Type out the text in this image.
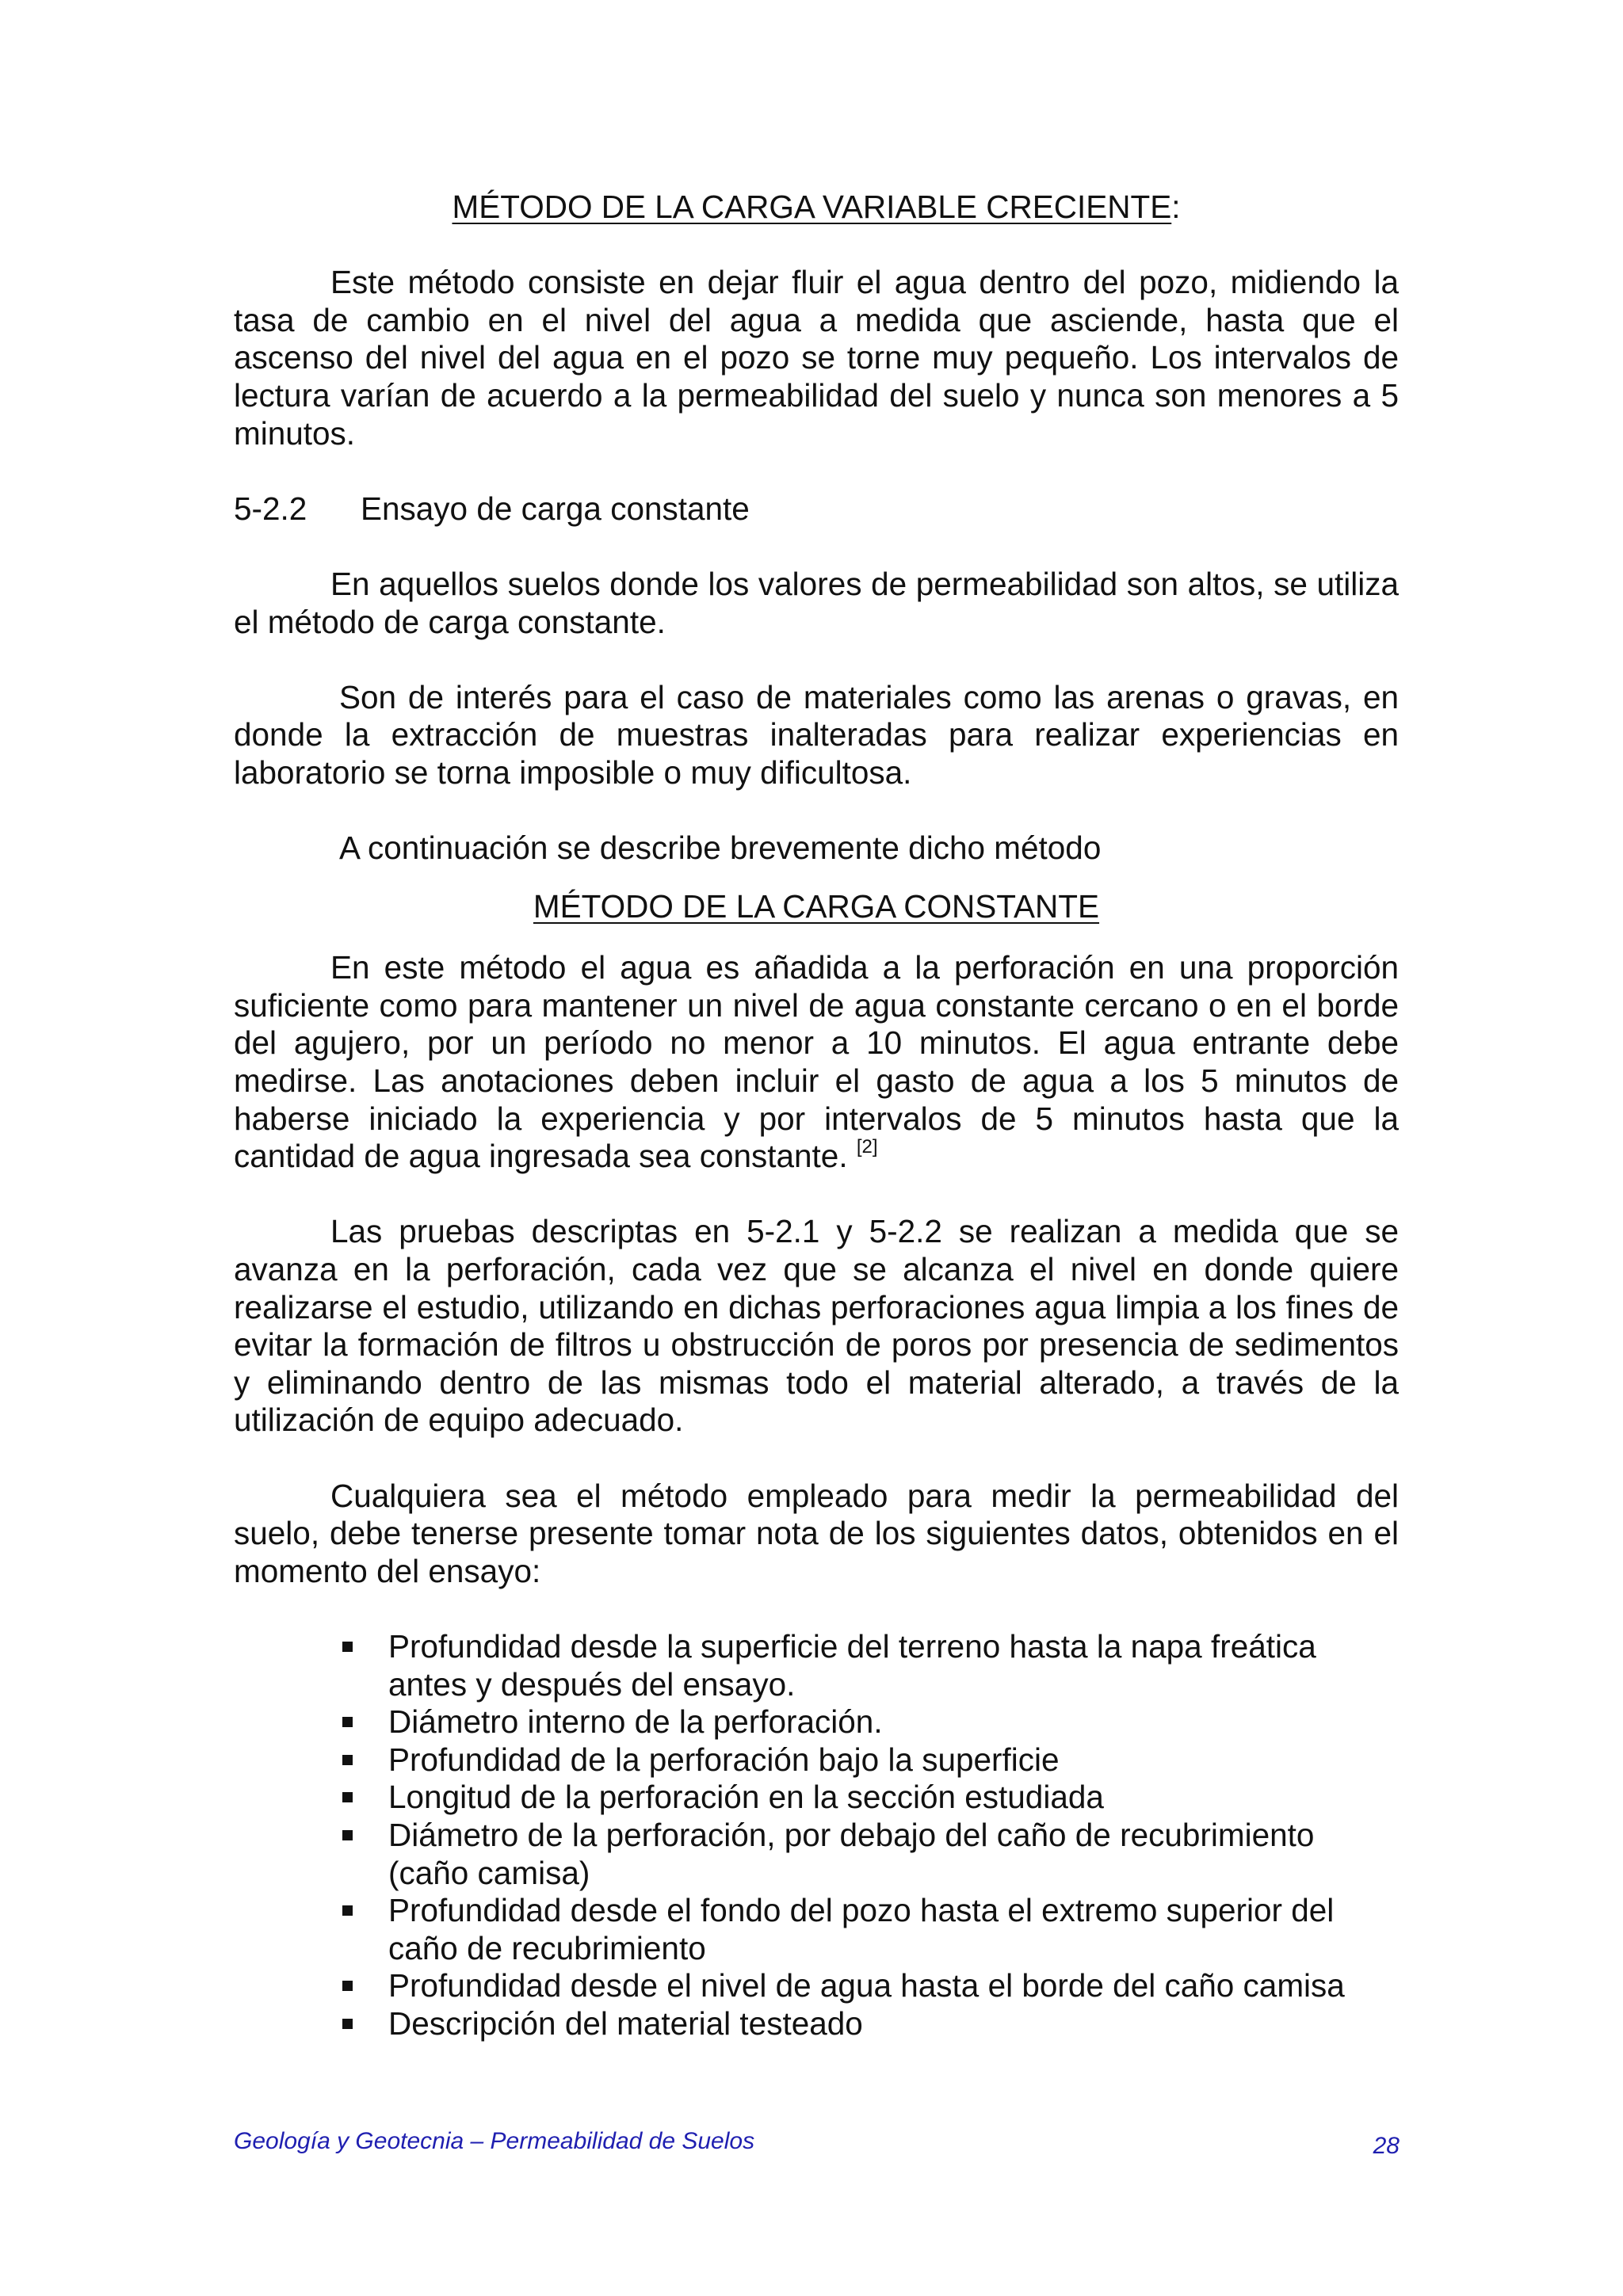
MÉTODO DE LA CARGA VARIABLE CRECIENTE:

Este método consiste en dejar fluir el agua dentro del pozo, midiendo la tasa de cambio en el nivel del agua a medida que asciende, hasta que el ascenso del nivel del agua en el pozo se torne muy pequeño. Los intervalos de lectura varían de acuerdo a la permeabilidad del suelo y nunca son menores a 5 minutos.

5-2.2	Ensayo de carga constante

En aquellos suelos donde los valores de permeabilidad son altos, se utiliza el método de carga constante.

Son de interés para el caso de materiales como las arenas o gravas, en donde la extracción de muestras inalteradas para realizar experiencias en laboratorio se torna imposible o muy dificultosa.

A continuación se describe brevemente dicho método

MÉTODO DE LA CARGA CONSTANTE

En este método el agua es añadida a la perforación en una proporción suficiente como para mantener un nivel de agua constante cercano o en el borde del agujero, por un período no menor a 10 minutos. El agua entrante debe medirse. Las anotaciones deben incluir el gasto de agua a los 5 minutos de haberse iniciado la experiencia y por intervalos de 5 minutos hasta que la cantidad de agua ingresada sea constante. [2]

Las pruebas descriptas en 5-2.1 y 5-2.2 se realizan a medida que se avanza en la perforación, cada vez que se alcanza el nivel en donde quiere realizarse el estudio, utilizando en dichas perforaciones agua limpia a los fines de evitar la formación de filtros u obstrucción de poros por presencia de sedimentos y eliminando dentro de las mismas todo el material alterado, a través de la utilización de equipo adecuado.

Cualquiera sea el método empleado para medir la permeabilidad del suelo, debe tenerse presente tomar nota de los siguientes datos, obtenidos en el momento del ensayo:

Profundidad desde la superficie del terreno hasta la napa freática antes y después del ensayo.
Diámetro interno de la perforación.
Profundidad de la perforación bajo la superficie
Longitud de la perforación en la sección estudiada
Diámetro de la perforación, por debajo del caño de recubrimiento (caño camisa)
Profundidad desde el fondo del pozo hasta el extremo superior del caño de recubrimiento
Profundidad desde el nivel de agua hasta el borde del caño camisa
Descripción del material testeado
Geología y Geotecnia – Permeabilidad de Suelos	28
